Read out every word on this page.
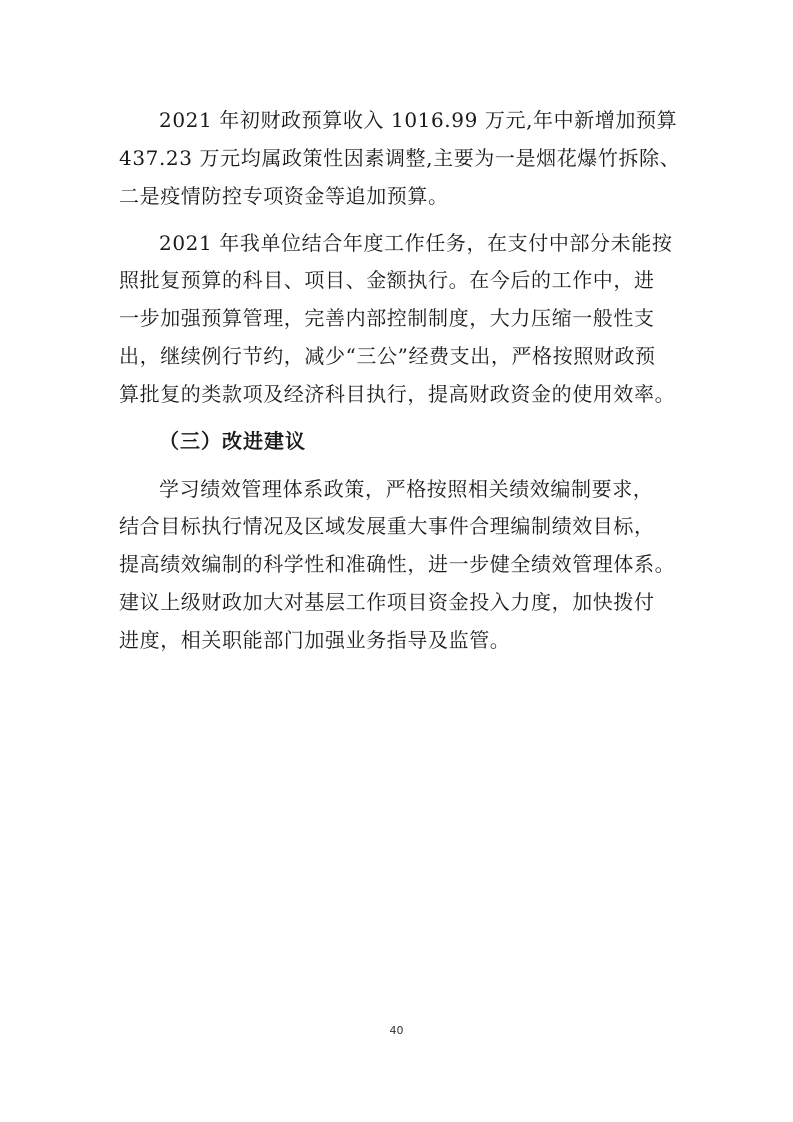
2021 年初财政预算收入 1016.99 万元,年中新增加预算
437.23 万元均属政策性因素调整,主要为一是烟花爆竹拆除、
二是疫情防控专项资金等追加预算。
2021 年我单位结合年度工作任务，在支付中部分未能按
照批复预算的科目、项目、金额执行。在今后的工作中，进
一步加强预算管理，完善内部控制制度，大力压缩一般性支
出，继续例行节约，减少“三公”经费支出，严格按照财政预
算批复的类款项及经济科目执行，提高财政资金的使用效率。
（三）改进建议
学习绩效管理体系政策，严格按照相关绩效编制要求，
结合目标执行情况及区域发展重大事件合理编制绩效目标，
提高绩效编制的科学性和准确性，进一步健全绩效管理体系。
建议上级财政加大对基层工作项目资金投入力度，加快拨付
进度，相关职能部门加强业务指导及监管。
40
